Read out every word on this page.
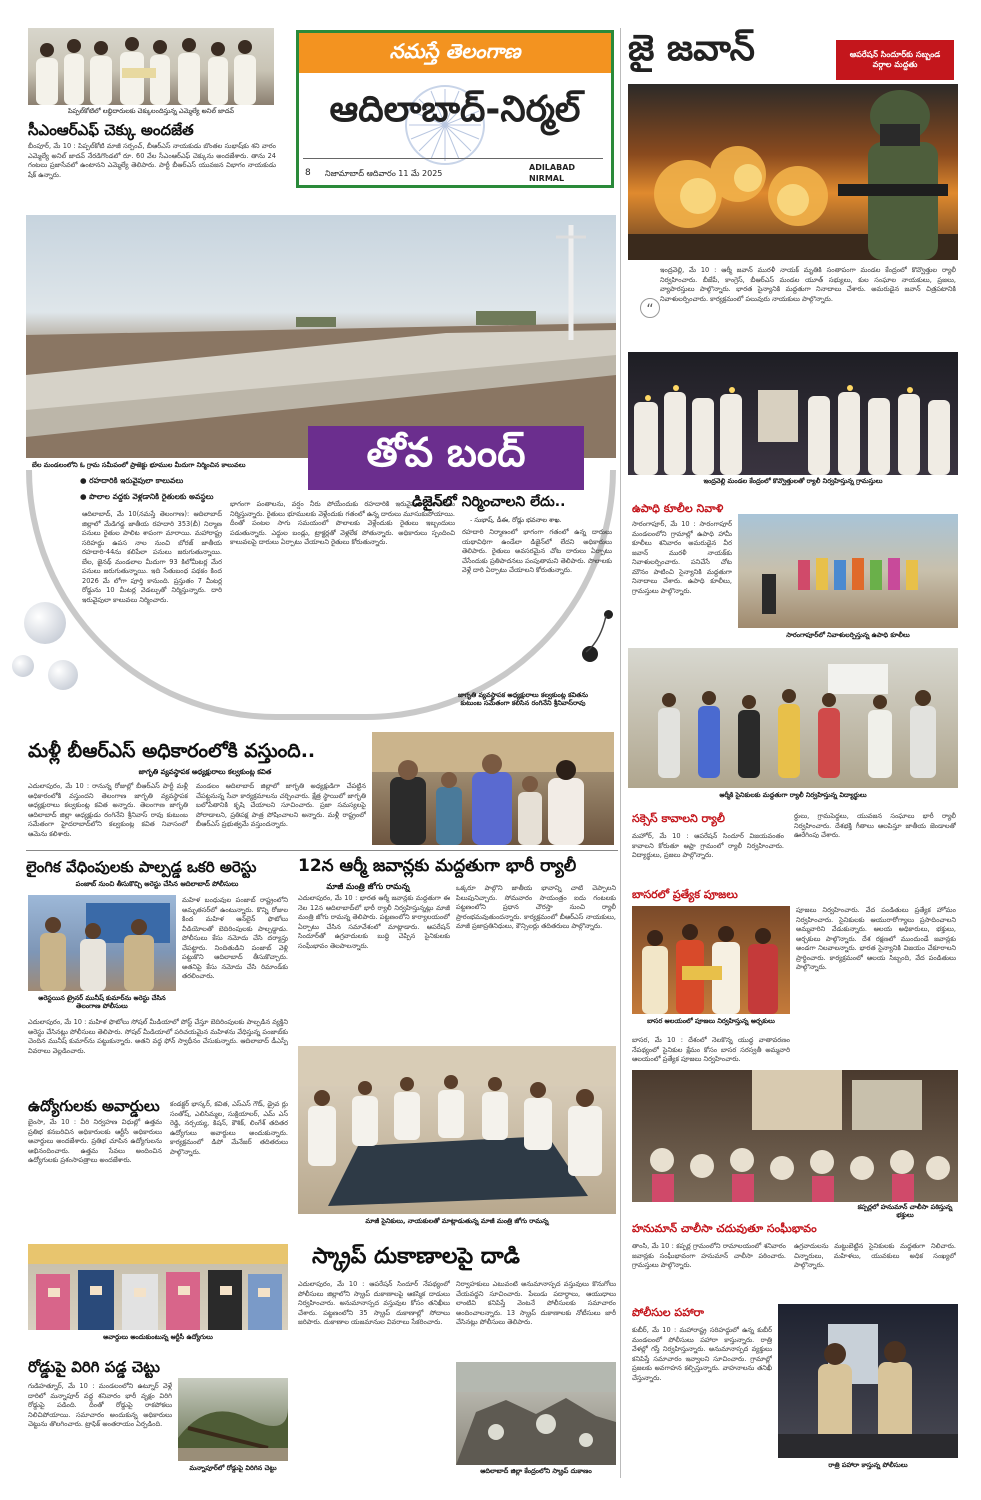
పిప్పల్‌కోటిలో లబ్ధిదారులకు చెక్కులందిస్తున్న ఎమ్మెల్యే అనిల్ జాదవ్
సీఎంఆర్‌ఎఫ్ చెక్కు అందజేత
బీంపూర్, మే 10 : పిప్పల్‌కోటి మాజీ సర్పంచ్, బీఆర్‌ఎస్ నాయకుడు బొంతల సుభాష్‌కు శని వారం ఎమ్మెల్యే అనిల్ జాదవ్ నేరడిగొండలో రూ. 60 వేల సీఎంఆర్‌ఎఫ్ చెక్కును అందజేశారు. తాను 24 గంటలు ప్రజాసేవలో ఉంటానని ఎమ్మెల్యే తెలిపారు. పార్టీ బీఆర్‌ఎస్ యువజన విభాగం నాయకుడు షేక్ ఉన్నారు.
నమస్తే తెలంగాణ
ఆదిలాబాద్-నిర్మల్
8 నిజామాబాద్ ఆదివారం 11 మే 2025
ADILABAD
NIRMAL
తోవ బంద్
బేల మండలంలోని ఓ గ్రామ సమీపంలో ప్రాజెక్టు భూముల మీదుగా నిర్మించిన కాలువలు
● రహదారికి ఇరువైపులా కాలువలు
● పొలాల వద్దకు వెళ్లడానికి రైతులకు అవస్థలు
ఆదిలాబాద్, మే 10(నమస్తే తెలంగాణ): ఆదిలాబాద్ జిల్లాలో మేడిగడ్డ జాతీయ రహదారి 353(బీ) నిర్మాణ పనులు రైతుల పాలిట శాపంగా మారాయి. మహారాష్ట్ర సరిహద్దు ఉపస నాల నుంచి బోరజ్ జాతీయ రహదారి-44ను కలిపేలా పనులు జరుగుతున్నాయి. బేల, జైనథ్ మండలాల మీదుగా 93 కిలోమీటర్ల మేర పనులు జరుగుతున్నాయి. ఇది సేతుబంధ పథకం కింద 2026 మే లోగా పూర్తి కానుంది. ప్రస్తుతం 7 మీటర్ల రోడ్డును 10 మీటర్ల వెడల్పుతో నిర్మిస్తున్నారు. దారి ఇరువైపులా కాలువలు నిర్మించారు.
భాగంగా పంతాలను, వర్షం నీరు పోయేందుకు రహదారికి ఇరువైపులా కాలువలు నిర్మిస్తున్నారు. రైతులు భూములకు వెళ్లేందుకు గతంలో ఉన్న దారులు మూసుకుపోయాయి. దీంతో పంటల సాగు సమయంలో పొలాలకు వెళ్లేందుకు రైతులు ఇబ్బందులు పడుతున్నారు. ఎద్దుల బండ్లు, ట్రాక్టర్లతో వెళ్లలేక పోతున్నారు. అధికారులు స్పందించి కాలువలపై దారులు ఏర్పాటు చేయాలని రైతులు కోరుతున్నారు.
డిజైన్‌లో నిర్మించాలని లేదు..
- సుభాష్, డీఈ, రోడ్లు భవనాల శాఖ.
రహదారి నిర్మాణంలో భాగంగా గతంలో ఉన్న దారులు యథావిధిగా ఉండేలా డిజైన్‌లో లేదని అధికారులు తెలిపారు. రైతులు అవసరమైన చోట దారులు ఏర్పాటు చేసేందుకు ప్రతిపాదనలు పంపుతామని తెలిపారు. పొలాలకు వెళ్లే దారి ఏర్పాటు చేయాలని కోరుతున్నారు.
జాగృతి వ్యవస్థాపక అధ్యక్షురాలు కల్వకుంట్ల కవితను కుటుంబ సమేతంగా కలిసిన రంగినేని శ్రీనివాస్‌రావు
మళ్లీ బీఆర్‌ఎస్ అధికారంలోకి వస్తుంది..
జాగృతి వ్యవస్థాపక అధ్యక్షురాలు కల్వకుంట్ల కవిత
ఎదులాపురం, మే 10 : రానున్న రోజుల్లో బీఆర్‌ఎస్ పార్టీ మళ్లీ అధికారంలోకి వస్తుందని తెలంగాణ జాగృతి వ్యవస్థాపక అధ్యక్షురాలు కల్వకుంట్ల కవిత అన్నారు. తెలంగాణ జాగృతి ఆదిలాబాద్ జిల్లా అధ్యక్షుడు రంగినేని శ్రీనివాస్ రావు కుటుంబ సమేతంగా హైదరాబాద్‌లోని కల్వకుంట్ల కవిత నివాసంలో ఆమెను కలిశారు.
మండలం ఆదిలాబాద్ జిల్లాలో జాగృతి అధ్యక్షుడిగా చేపట్టిన చేపట్టనున్న సేవా కార్యక్రమాలను చర్చించారు. క్షేత్ర స్థాయిలో జాగృతి బలోపేతానికి కృషి చేయాలని సూచించారు. ప్రజా సమస్యలపై పోరాడాలని, ప్రతిపక్ష పాత్ర పోషించాలని అన్నారు. మళ్లీ రాష్ట్రంలో బీఆర్‌ఎస్ ప్రభుత్వమే వస్తుందన్నారు.
లైంగిక వేధింపులకు పాల్పడ్డ ఒకరి అరెస్టు
పంజాబ్ నుంచి తీసుకొచ్చి అరెస్టు చేసిన ఆదిలాబాద్ పోలీసులు
అరెస్టయిన ట్రైనర్ మునీష్ కుమార్‌ను అరెస్టు చేసిన తెలంగాణ పోలీసులు
మహిళ బంధువుల పంజాబ్ రాష్ట్రంలోని అమృతసర్‌లో ఉంటున్నారు. కొన్ని రోజుల కింద మహిళ ఆన్‌లైన్ ఫొటోలు వీడియోలతో బెదిరింపులకు పాల్పడ్డాడు. పోలీసులు కేసు నమోదు చేసి దర్యాప్తు చేపట్టారు. నిందితుడిని పంజాబ్ వెళ్లి పట్టుకొని ఆదిలాబాద్ తీసుకొచ్చారు. అతనిపై కేసు నమోదు చేసి రిమాండ్‌కు తరలించారు.
ఎదులాపురం, మే 10 : మహిళ ఫొటోలు సోషల్ మీడియాలో పోస్ట్ చేస్తూ బెదిరింపులకు పాల్పడిన వ్యక్తిని అరెస్టు చేసినట్లు పోలీసులు తెలిపారు. సోషల్ మీడియాలో పరిచయమైన మహిళను వేధిస్తున్న పంజాబ్‌కు చెందిన మునీష్ కుమార్‌ను పట్టుకున్నారు. అతని వద్ద ఫోన్ స్వాధీనం చేసుకున్నారు. ఆదిలాబాద్ డీఎస్పీ వివరాలు వెల్లడించారు.
ఉద్యోగులకు అవార్డులు
బైంసా, మే 10 : వీరి నిర్వహణ విధుల్లో ఉత్తమ ప్రతిభ కనబరిచిన అధికారులకు ఆర్టీసీ అధికారులు అవార్డులు అందజేశారు. ప్రతిభ చూపిన ఉద్యోగులను అభినందించారు. ఉత్తమ సేవలు అందించిన ఉద్యోగులకు ప్రశంసాపత్రాలు అందజేశారు.
కండక్టర్ భాస్కర్, కవిత, ఎస్‌ఎస్ గౌడ్, డ్రైవ ర్లు సంతోష్, ఎలిసిమ్మల, సుక్రియాలర్, ఎమ్ ఎస్ రెడ్డి, నర్సయ్య, కిషన్, కౌశిక్, లింగేశ్ తదితర ఉద్యోగులు అవార్డులు అందుకున్నారు. కార్యక్రమంలో డిపో మేనేజర్ తదితరులు పాల్గొన్నారు.
అవార్డులు అందుకుంటున్న ఆర్టీసీ ఉద్యోగులు
రోడ్డుపై విరిగి పడ్డ చెట్టు
గుడిహత్నూర్, మే 10 : మండలంలోని ఉట్నూర్ వెళ్లే దారిలో మన్నాపూర్ వద్ద శనివారం భారీ వృక్షం విరిగి రోడ్డుపై పడింది. దీంతో రోడ్డుపై రాకపోకలు నిలిచిపోయాయి. సమాచారం అందుకున్న అధికారులు చెట్టును తొలగించారు. ట్రాఫిక్ అంతరాయం ఏర్పడింది.
మన్నాపూర్‌లో రోడ్డుపై విరిగిన చెట్టు
12న ఆర్మీ జవాన్లకు మద్దతుగా భారీ ర్యాలీ
మాజీ మంత్రి జోగు రామన్న
ఎదులాపురం, మే 10 : భారత ఆర్మీ జవాన్లకు మద్దతుగా ఈ నెల 12న ఆదిలాబాద్‌లో భారీ ర్యాలీ నిర్వహిస్తున్నట్లు మాజీ మంత్రి జోగు రామన్న తెలిపారు. పట్టణంలోని కార్యాలయంలో ఏర్పాటు చేసిన సమావేశంలో మాట్లాడారు. ఆపరేషన్ సిందూర్‌తో ఉగ్రవాదులకు బుద్ధి చెప్పిన సైనికులకు సంఘీభావం తెలపాలన్నారు.
ఒక్కరూ పాల్గొని జాతీయ భావాన్ని చాటి చెప్పాలని పిలుపునిచ్చారు. సోమవారం సాయంత్రం ఐదు గంటలకు పట్టణంలోని ప్రధాన చౌరస్తా నుంచి ర్యాలీ ప్రారంభమవుతుందన్నారు. కార్యక్రమంలో బీఆర్‌ఎస్ నాయకులు, మాజీ ప్రజాప్రతినిధులు, కౌన్సిలర్లు తదితరులు పాల్గొన్నారు.
మాజీ సైనికులు, నాయకులతో మాట్లాడుతున్న మాజీ మంత్రి జోగు రామన్న
స్క్రాప్ దుకాణాలపై దాడి
ఎదులాపురం, మే 10 : ఆపరేషన్ సిందూర్ నేపథ్యంలో పోలీసులు జిల్లాలోని స్క్రాప్ దుకాణాలపై ఆకస్మిక దాడులు నిర్వహించారు. అనుమానాస్పద వస్తువుల కోసం తనిఖీలు చేశారు. పట్టణంలోని 35 స్క్రాప్ దుకాణాల్లో సోదాలు జరిపారు. దుకాణాల యజమానుల వివరాలు సేకరించారు.
నిర్వాహకులు ఎటువంటి అనుమానాస్పద వస్తువులు కొనుగోలు చేయవద్దని సూచించారు. పేలుడు పదార్థాలు, ఆయుధాలు లాంటివి కనిపిస్తే వెంటనే పోలీసులకు సమాచారం అందించాలన్నారు. 13 స్క్రాప్ దుకాణాలకు నోటీసులు జారీ చేసినట్లు పోలీసులు తెలిపారు.
ఆదిలాబాద్ జిల్లా కేంద్రంలోని స్క్రాప్ దుకాణం
జై జవాన్	ఆపరేషన్ సిందూర్‌కు సబ్బండ వర్గాల మద్దతు
ఇంద్రవెల్లి, మే 10 : ఆర్మీ జవాన్ మురళీ నాయక్ మృతికి సంతాపంగా మండల కేంద్రంలో కొవ్వొత్తుల ర్యాలీ నిర్వహించారు. బీజేపీ, కాంగ్రెస్, బీఆర్‌ఎస్ మండల యూత్ సభ్యులు, కుల సంఘాల నాయకులు, ప్రజలు, వ్యాపారస్తులు పాల్గొన్నారు. భారత సైన్యానికి మద్దతుగా నినాదాలు చేశారు. అమరుడైన జవాన్ చిత్రపటానికి నివాళులర్పించారు. కార్యక్రమంలో పలువురు నాయకులు పాల్గొన్నారు.
“
ఇంద్రవెల్లి మండల కేంద్రంలో కొవ్వొత్తులతో ర్యాలీ నిర్వహిస్తున్న గ్రామస్తులు
ఉపాధి కూలీల నివాళి
సారంగాపూర్, మే 10 : సారంగాపూర్ మండలంలోని గ్రామాల్లో ఉపాధి హామీ కూలీలు శనివారం అమరుడైన వీర జవాన్ మురళీ నాయక్‌కు నివాళులర్పించారు. పనిచేసే చోట మౌనం పాటించి సైన్యానికి మద్దతుగా నినాదాలు చేశారు. ఉపాధి కూలీలు, గ్రామస్తులు పాల్గొన్నారు.
సారంగాపూర్‌లో నివాళులర్పిస్తున్న ఉపాధి కూలీలు
ఆర్మీకి సైనికులకు మద్దతుగా ర్యాలీ నిర్వహిస్తున్న విద్యార్థులు
సక్సెస్ కావాలని ర్యాలీ
మహోర్, మే 10 : ఆపరేషన్ సిందూర్ విజయవంతం కావాలని కోరుతూ ఆఫ్రా గ్రామంలో ర్యాలీ నిర్వహించారు. విద్యార్థులు, ప్రజలు పాల్గొన్నారు.
ర్థులు, గ్రామపెద్దలు, యువజన సంఘాలు భారీ ర్యాలీ నిర్వహించారు. దేశభక్తి గీతాలు ఆలపిస్తూ జాతీయ జెండాలతో ఊరేగింపు చేశారు.
బాసరలో ప్రత్యేక పూజలు
బాసర ఆలయంలో పూజలు నిర్వహిస్తున్న అర్చకులు
బాసర, మే 10 : దేశంలో నెలకొన్న యుద్ధ వాతావరణం నేపథ్యంలో సైనికుల క్షేమం కోసం బాసర సరస్వతీ అమ్మవారి ఆలయంలో ప్రత్యేక పూజలు నిర్వహించారు.
పూజలు నిర్వహించారు. వేద పండితులు ప్రత్యేక హోమం నిర్వహించారు. సైనికులకు ఆయురారోగ్యాలు ప్రసాదించాలని అమ్మవారిని వేడుకున్నారు. ఆలయ అధికారులు, భక్తులు, అర్చకులు పాల్గొన్నారు. దేశ రక్షణలో ముందుండే జవాన్లకు అండగా నిలవాలన్నారు. భారత సైన్యానికి విజయం చేకూరాలని ప్రార్థించారు. కార్యక్రమంలో ఆలయ సిబ్బంది, వేద పండితులు పాల్గొన్నారు.
కప్పర్లలో హనుమాన్ చాలీసా పఠిస్తున్న భక్తులు
హనుమాన్ చాలీసా చదువుతూ సంఘీభావం
తాంసి, మే 10 : కప్పర్ల గ్రామంలోని రామాలయంలో శనివారం జవాన్లకు సంఘీభావంగా హనుమాన్ చాలీసా పఠించారు. గ్రామస్తులు పాల్గొన్నారు.
ఉగ్రవాదులను మట్టుబెట్టిన సైనికులకు మద్దతుగా నిలిచారు. చిన్నారులు, మహిళలు, యువకులు అధిక సంఖ్యలో పాల్గొన్నారు.
పోలీసుల పహారా
కుబీర్, మే 10 : మహారాష్ట్ర సరిహద్దులో ఉన్న కుబీర్ మండలంలో పోలీసులు పహారా కాస్తున్నారు. రాత్రి వేళల్లో గస్తీ నిర్వహిస్తున్నారు. అనుమానాస్పద వ్యక్తులు కనిపిస్తే సమాచారం ఇవ్వాలని సూచించారు. గ్రామాల్లో ప్రజలకు అవగాహన కల్పిస్తున్నారు. వాహనాలను తనిఖీ చేస్తున్నారు.
రాత్రి పహారా కాస్తున్న పోలీసులు
